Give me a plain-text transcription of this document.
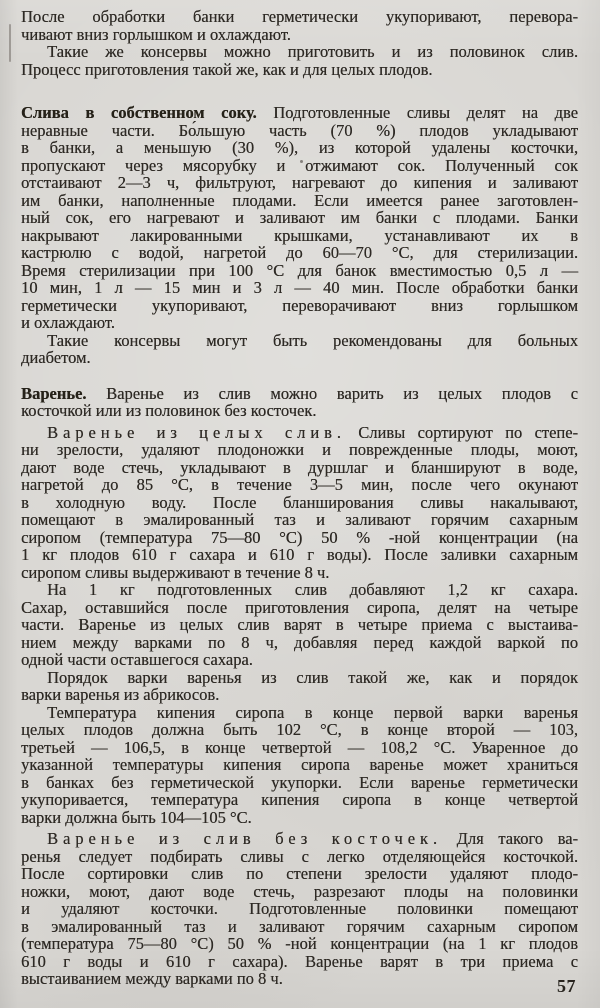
После обработки банки герметически укупоривают, перевора-
чивают вниз горлышком и охлаждают.
Такие же консервы можно приготовить и из половинок слив.
Процесс приготовления такой же, как и для целых плодов.
Слива в собственном соку. Подготовленные сливы делят на две
неравные части. Бо́льшую часть (70 %) плодов укладывают
в банки, а меньшую (30 %), из которой удалены косточки,
пропускают через мясорубку и отжимают сок. Полученный сок
отстаивают 2—3 ч, фильтруют, нагревают до кипения и заливают
им банки, наполненные плодами. Если имеется ранее заготовлен-
ный сок, его нагревают и заливают им банки с плодами. Банки
накрывают лакированными крышками, устанавливают их в
кастрюлю с водой, нагретой до 60—70 °С, для стерилизации.
Время стерилизации при 100 °С для банок вместимостью 0,5 л —
10 мин, 1 л — 15 мин и 3 л — 40 мин. После обработки банки
герметически укупоривают, переворачивают вниз горлышком
и охлаждают.
Такие консервы могут быть рекомендованы для больных
диабетом.
Варенье. Варенье из слив можно варить из целых плодов с
косточкой или из половинок без косточек.
Варенье из целых слив. Сливы сортируют по степе-
ни зрелости, удаляют плодоножки и поврежденные плоды, моют,
дают воде стечь, укладывают в дуршлаг и бланшируют в воде,
нагретой до 85 °С, в течение 3—5 мин, после чего окунают
в холодную воду. После бланширования сливы накалывают,
помещают в эмалированный таз и заливают горячим сахарным
сиропом (температура 75—80 °С) 50 % -ной концентрации (на
1 кг плодов 610 г сахара и 610 г воды). После заливки сахарным
сиропом сливы выдерживают в течение 8 ч.
На 1 кг подготовленных слив добавляют 1,2 кг сахара.
Сахар, оставшийся после приготовления сиропа, делят на четыре
части. Варенье из целых слив варят в четыре приема с выстаива-
нием между варками по 8 ч, добавляя перед каждой варкой по
одной части оставшегося сахара.
Порядок варки варенья из слив такой же, как и порядок
варки варенья из абрикосов.
Температура кипения сиропа в конце первой варки варенья
целых плодов должна быть 102 °С, в конце второй — 103,
третьей — 106,5, в конце четвертой — 108,2 °С. Уваренное до
указанной температуры кипения сиропа варенье может храниться
в банках без герметической укупорки. Если варенье герметически
укупоривается, температура кипения сиропа в конце четвертой
варки должна быть 104—105 °С.
Варенье из слив без косточек. Для такого ва-
ренья следует подбирать сливы с легко отделяющейся косточкой.
После сортировки слив по степени зрелости удаляют плодо-
ножки, моют, дают воде стечь, разрезают плоды на половинки
и удаляют косточки. Подготовленные половинки помещают
в эмалированный таз и заливают горячим сахарным сиропом
(температура 75—80 °С) 50 % -ной концентрации (на 1 кг плодов
610 г воды и 610 г сахара). Варенье варят в три приема с
выстаиванием между варками по 8 ч.	57
